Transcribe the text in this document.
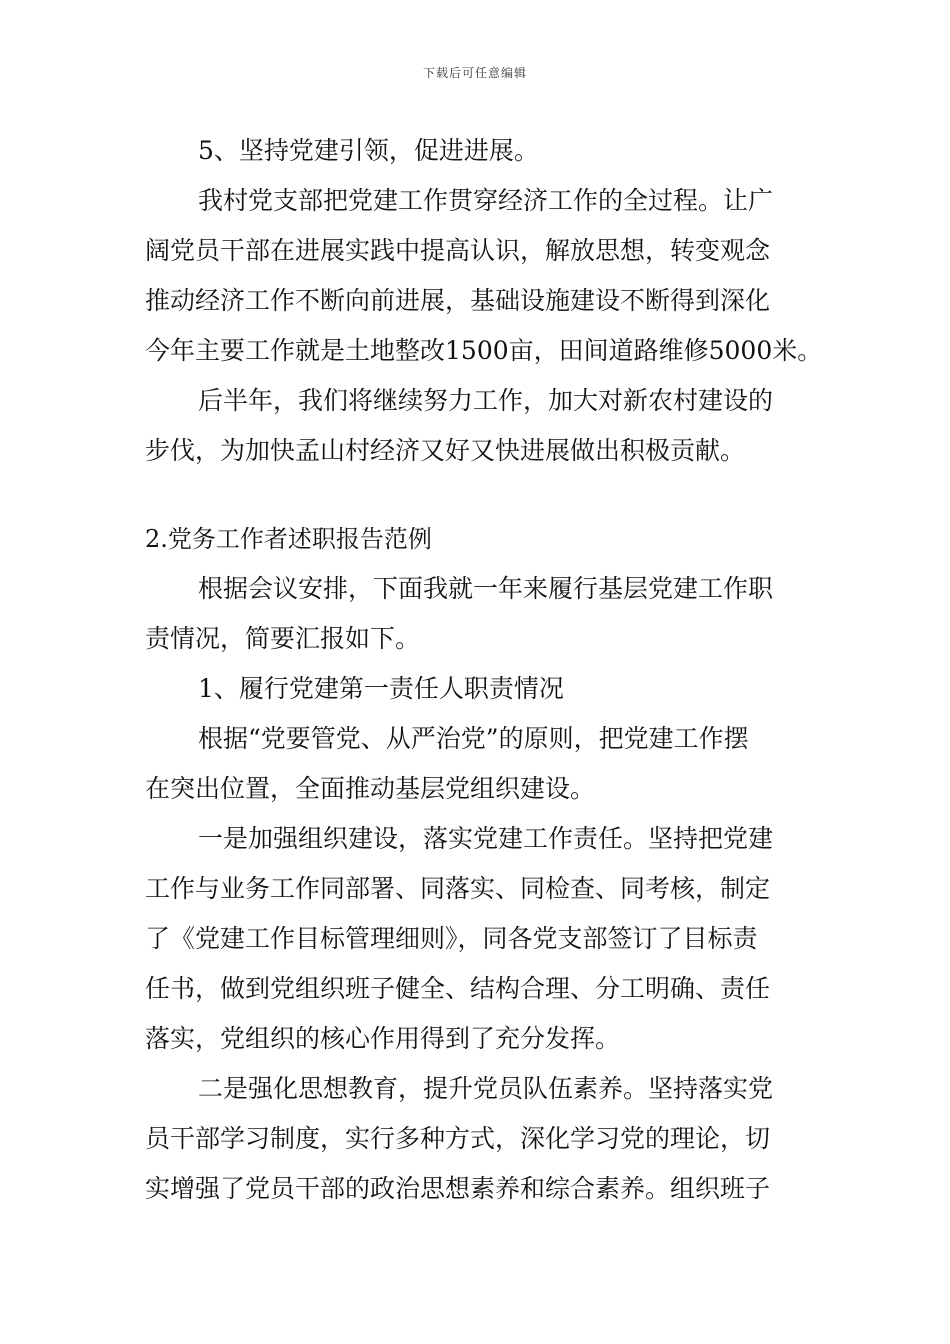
下载后可任意编辑
5、坚持党建引领，促进进展。
我村党支部把党建工作贯穿经济工作的全过程。让广
阔党员干部在进展实践中提高认识，解放思想，转变观念
推动经济工作不断向前进展，基础设施建设不断得到深化
今年主要工作就是土地整改1500亩，田间道路维修5000米。
后半年，我们将继续努力工作，加大对新农村建设的
步伐，为加快孟山村经济又好又快进展做出积极贡献。
2.党务工作者述职报告范例
根据会议安排，下面我就一年来履行基层党建工作职
责情况，简要汇报如下。
1、履行党建第一责任人职责情况
根据“党要管党、从严治党”的原则，把党建工作摆
在突出位置，全面推动基层党组织建设。
一是加强组织建设，落实党建工作责任。坚持把党建
工作与业务工作同部署、同落实、同检查、同考核，制定
了《党建工作目标管理细则》，同各党支部签订了目标责
任书，做到党组织班子健全、结构合理、分工明确、责任
落实，党组织的核心作用得到了充分发挥。
二是强化思想教育，提升党员队伍素养。坚持落实党
员干部学习制度，实行多种方式，深化学习党的理论，切
实增强了党员干部的政治思想素养和综合素养。组织班子
